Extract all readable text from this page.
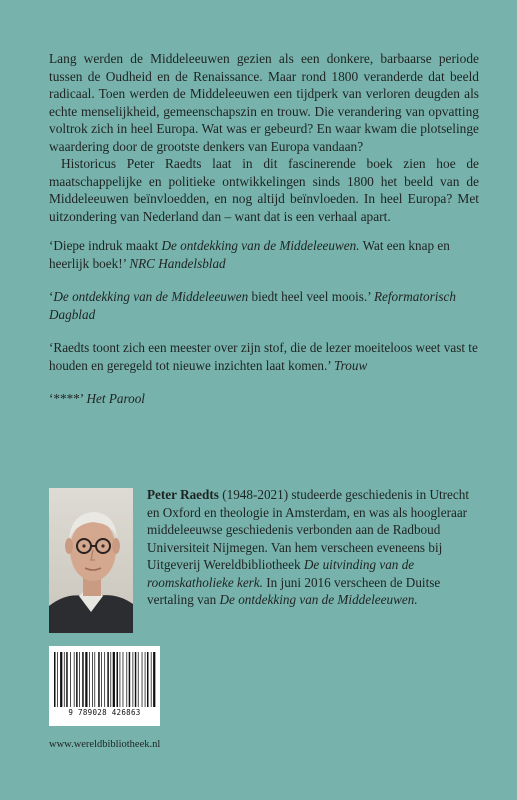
Lang werden de Middeleeuwen gezien als een donkere, barbaarse periode tussen de Oudheid en de Renaissance. Maar rond 1800 veranderde dat beeld radicaal. Toen werden de Middeleeuwen een tijdperk van verloren deugden als echte menselijkheid, gemeenschapszin en trouw. Die verandering van opvatting voltrok zich in heel Europa. Wat was er gebeurd? En waar kwam die plotselinge waardering door de grootste denkers van Europa vandaan?

Historicus Peter Raedts laat in dit fascinerende boek zien hoe de maatschappelijke en politieke ontwikkelingen sinds 1800 het beeld van de Middeleeuwen beïnvloedden, en nog altijd beïnvloeden. In heel Europa? Met uitzondering van Nederland dan – want dat is een verhaal apart.

‘Diepe indruk maakt De ontdekking van de Middeleeuwen. Wat een knap en heerlijk boek!’ NRC Handelsblad

‘De ontdekking van de Middeleeuwen biedt heel veel moois.’ Reformatorisch Dagblad

‘Raedts toont zich een meester over zijn stof, die de lezer moeiteloos weet vast te houden en geregeld tot nieuwe inzichten laat komen.’ Trouw

‘****’ Het Parool

Peter Raedts (1948-2021) studeerde geschiedenis in Utrecht en Oxford en theologie in Amsterdam, en was als hoogleraar middeleeuwse geschiedenis verbonden aan de Radboud Universiteit Nijmegen. Van hem verscheen eveneens bij Uitgeverij Wereldbibliotheek De uitvinding van de roomskatholieke kerk. In juni 2016 verscheen de Duitse vertaling van De ontdekking van de Middeleeuwen.

9 789028 426863
www.wereldbibliotheek.nl
